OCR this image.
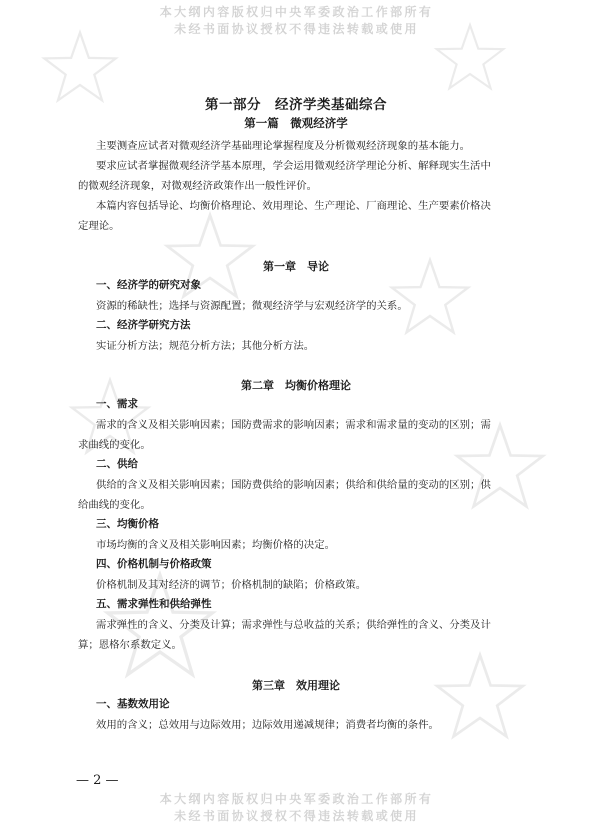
本大纲内容版权归中央军委政治工作部所有
未经书面协议授权不得违法转载或使用
第一部分　经济学类基础综合
第一篇　微观经济学
主要测查应试者对微观经济学基础理论掌握程度及分析微观经济现象的基本能力。
要求应试者掌握微观经济学基本原理，学会运用微观经济学理论分析、解释现实生活中
的微观经济现象，对微观经济政策作出一般性评价。
本篇内容包括导论、均衡价格理论、效用理论、生产理论、厂商理论、生产要素价格决
定理论。
第一章　导论
一、经济学的研究对象
资源的稀缺性；选择与资源配置；微观经济学与宏观经济学的关系。
二、经济学研究方法
实证分析方法；规范分析方法；其他分析方法。
第二章　均衡价格理论
一、需求
需求的含义及相关影响因素；国防费需求的影响因素；需求和需求量的变动的区别；需
求曲线的变化。
二、供给
供给的含义及相关影响因素；国防费供给的影响因素；供给和供给量的变动的区别；供
给曲线的变化。
三、均衡价格
市场均衡的含义及相关影响因素；均衡价格的决定。
四、价格机制与价格政策
价格机制及其对经济的调节；价格机制的缺陷；价格政策。
五、需求弹性和供给弹性
需求弹性的含义、分类及计算；需求弹性与总收益的关系；供给弹性的含义、分类及计
算；恩格尔系数定义。
第三章　效用理论
一、基数效用论
效用的含义；总效用与边际效用；边际效用递减规律；消费者均衡的条件。
— 2 —
本大纲内容版权归中央军委政治工作部所有
未经书面协议授权不得违法转载或使用
